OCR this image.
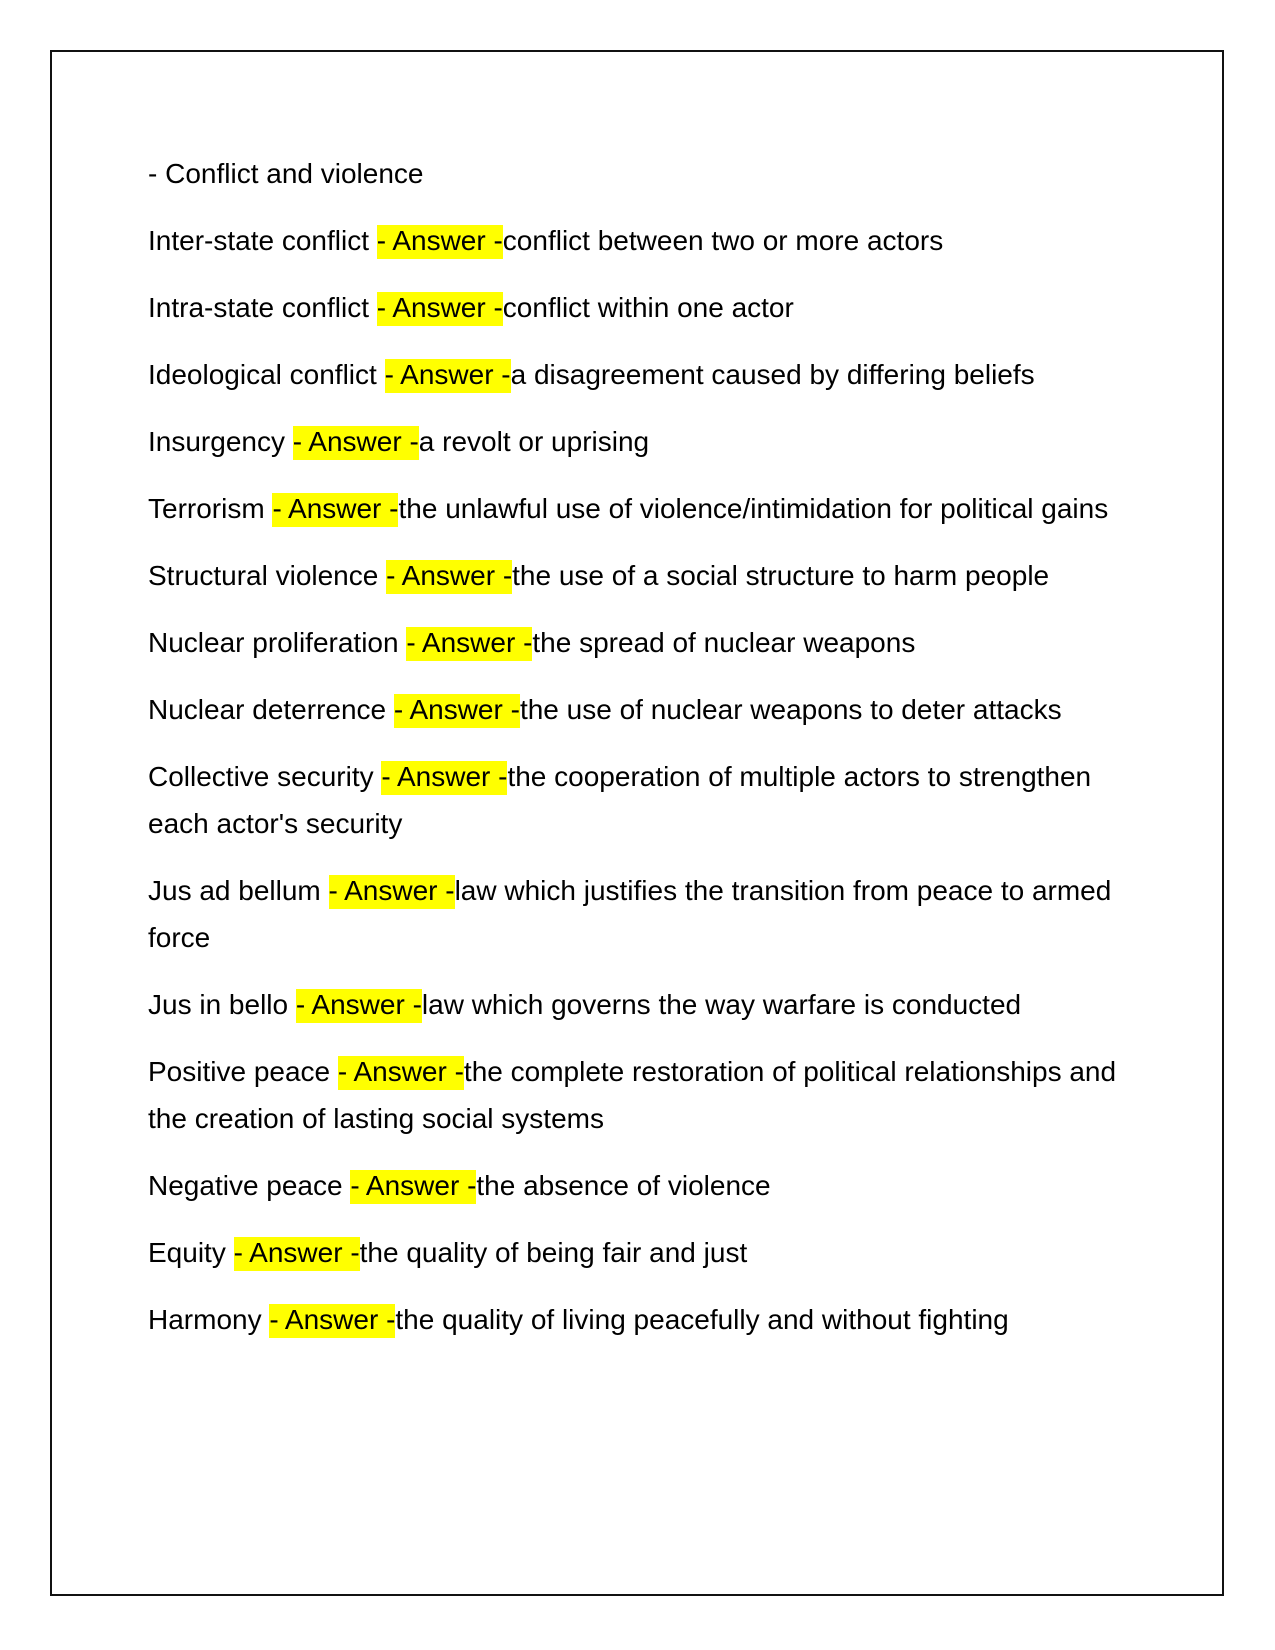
- Conflict and violence
Inter-state conflict - Answer -conflict between two or more actors
Intra-state conflict - Answer -conflict within one actor
Ideological conflict - Answer -a disagreement caused by differing beliefs
Insurgency - Answer -a revolt or uprising
Terrorism - Answer -the unlawful use of violence/intimidation for political gains
Structural violence - Answer -the use of a social structure to harm people
Nuclear proliferation - Answer -the spread of nuclear weapons
Nuclear deterrence - Answer -the use of nuclear weapons to deter attacks
Collective security - Answer -the cooperation of multiple actors to strengthen each actor's security
Jus ad bellum - Answer -law which justifies the transition from peace to armed force
Jus in bello - Answer -law which governs the way warfare is conducted
Positive peace - Answer -the complete restoration of political relationships and the creation of lasting social systems
Negative peace - Answer -the absence of violence
Equity - Answer -the quality of being fair and just
Harmony - Answer -the quality of living peacefully and without fighting
